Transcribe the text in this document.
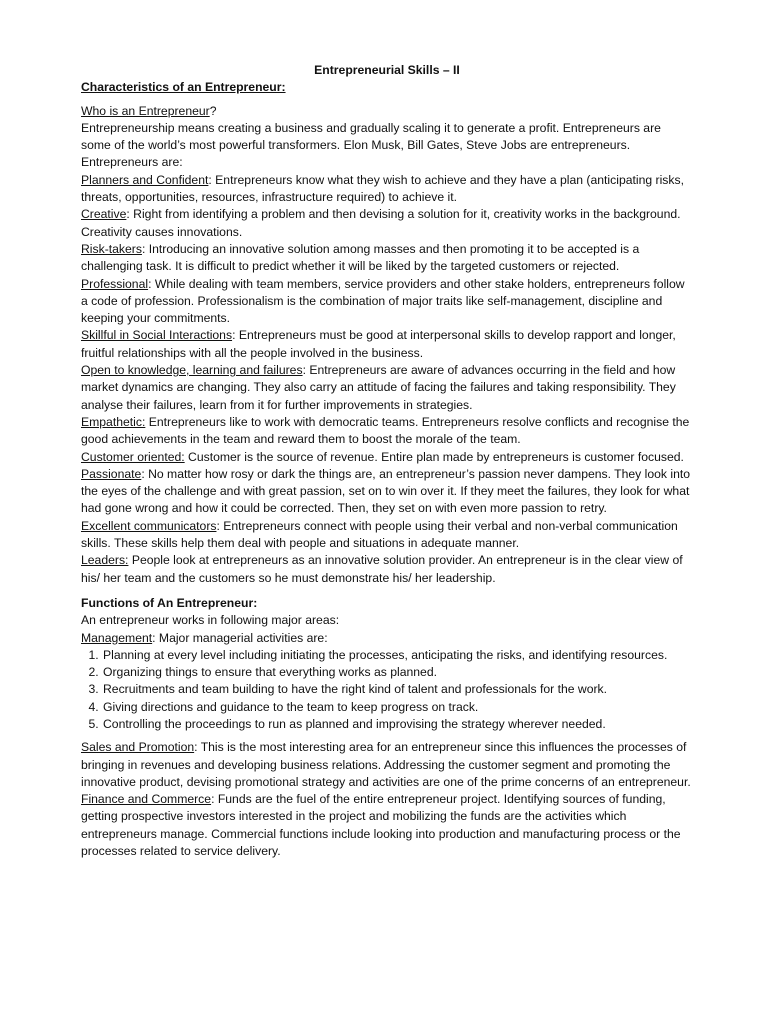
Entrepreneurial Skills – II

Characteristics of an Entrepreneur:

Who is an Entrepreneur?

Entrepreneurship means creating a business and gradually scaling it to generate a profit. Entrepreneurs are some of the world’s most powerful transformers. Elon Musk, Bill Gates, Steve Jobs are entrepreneurs.

Entrepreneurs are:

Planners and Confident: Entrepreneurs know what they wish to achieve and they have a plan (anticipating risks, threats, opportunities, resources, infrastructure required) to achieve it.

Creative: Right from identifying a problem and then devising a solution for it, creativity works in the background. Creativity causes innovations.

Risk-takers: Introducing an innovative solution among masses and then promoting it to be accepted is a challenging task. It is difficult to predict whether it will be liked by the targeted customers or rejected.

Professional: While dealing with team members, service providers and other stake holders, entrepreneurs follow a code of profession. Professionalism is the combination of major traits like self-management, discipline and keeping your commitments.

Skillful in Social Interactions: Entrepreneurs must be good at interpersonal skills to develop rapport and longer, fruitful relationships with all the people involved in the business.

Open to knowledge, learning and failures: Entrepreneurs are aware of advances occurring in the field and how market dynamics are changing. They also carry an attitude of facing the failures and taking responsibility. They analyse their failures, learn from it for further improvements in strategies.

Empathetic: Entrepreneurs like to work with democratic teams. Entrepreneurs resolve conflicts and recognise the good achievements in the team and reward them to boost the morale of the team.

Customer oriented: Customer is the source of revenue. Entire plan made by entrepreneurs is customer focused.

Passionate: No matter how rosy or dark the things are, an entrepreneur’s passion never dampens. They look into the eyes of the challenge and with great passion, set on to win over it. If they meet the failures, they look for what had gone wrong and how it could be corrected. Then, they set on with even more passion to retry.

Excellent communicators: Entrepreneurs connect with people using their verbal and non-verbal communication skills. These skills help them deal with people and situations in adequate manner.

Leaders: People look at entrepreneurs as an innovative solution provider. An entrepreneur is in the clear view of his/ her team and the customers so he must demonstrate his/ her leadership.

Functions of An Entrepreneur:

An entrepreneur works in following major areas:

Management: Major managerial activities are:

1. Planning at every level including initiating the processes, anticipating the risks, and identifying resources.
2. Organizing things to ensure that everything works as planned.
3. Recruitments and team building to have the right kind of talent and professionals for the work.
4. Giving directions and guidance to the team to keep progress on track.
5. Controlling the proceedings to run as planned and improvising the strategy wherever needed.

Sales and Promotion: This is the most interesting area for an entrepreneur since this influences the processes of bringing in revenues and developing business relations. Addressing the customer segment and promoting the innovative product, devising promotional strategy and activities are one of the prime concerns of an entrepreneur.

Finance and Commerce: Funds are the fuel of the entire entrepreneur project. Identifying sources of funding, getting prospective investors interested in the project and mobilizing the funds are the activities which entrepreneurs manage. Commercial functions include looking into production and manufacturing process or the processes related to service delivery.
